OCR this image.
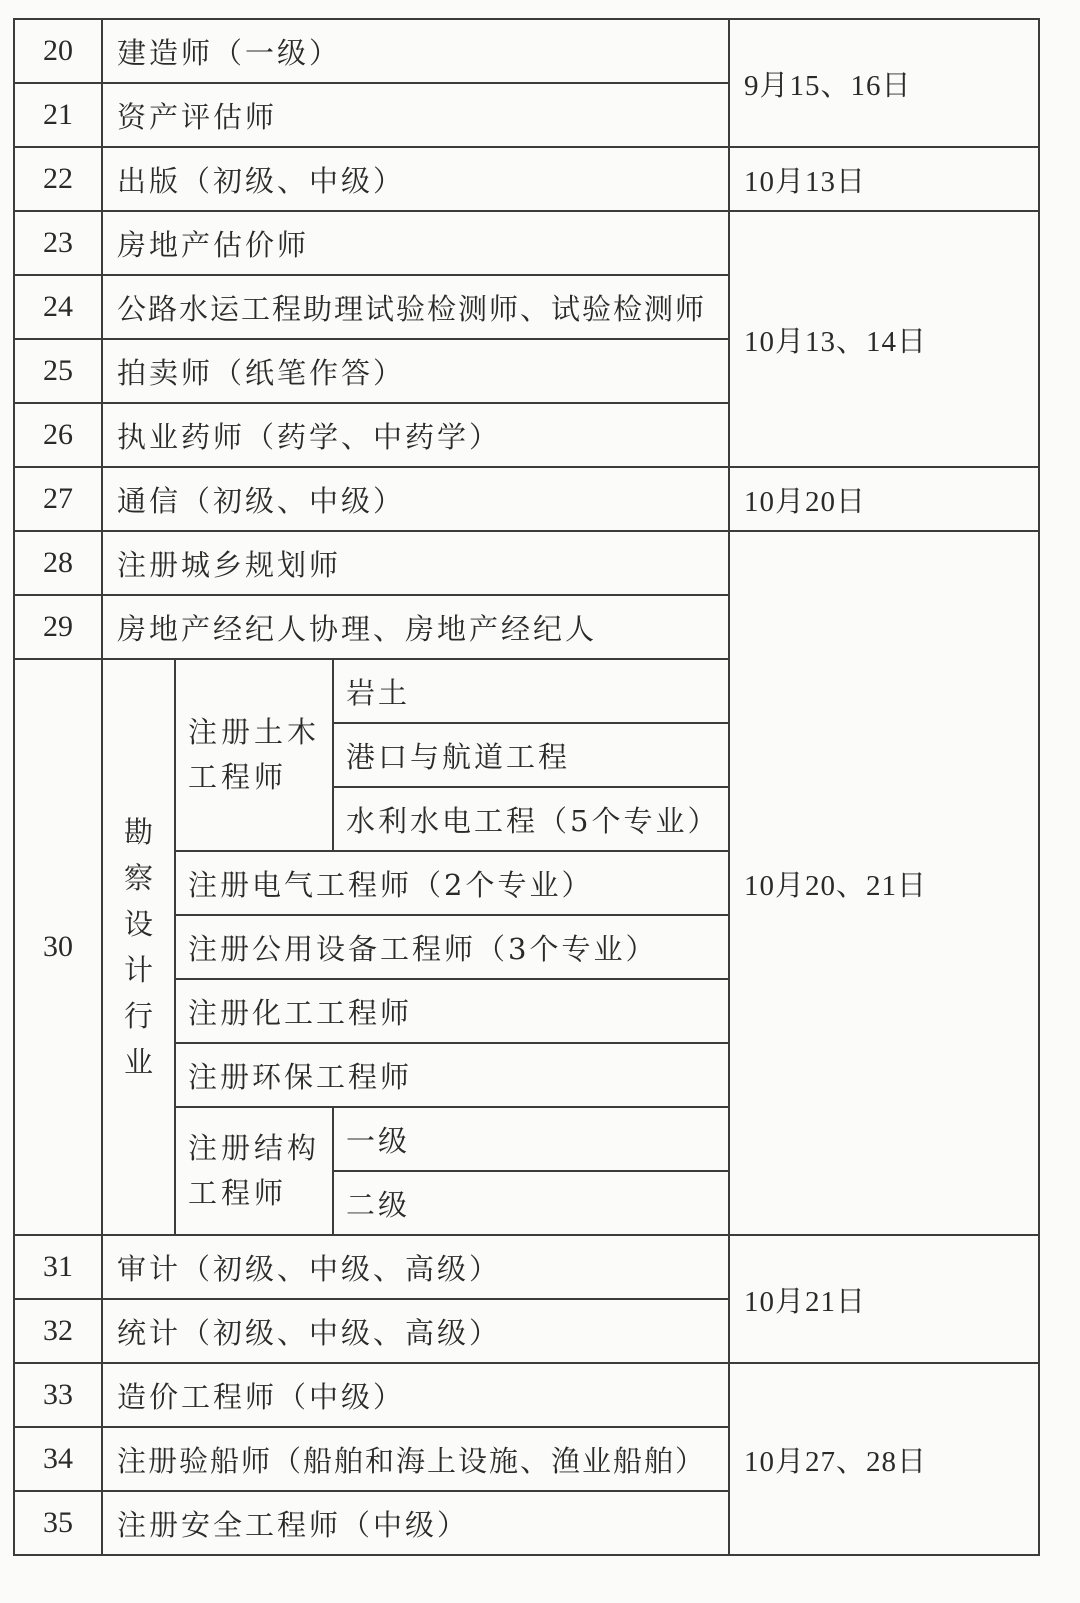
20	建造师（一级）			9月15、16日	
21	资产评估师				
22	出版（初级、中级）			10月13日	
23	房地产估价师			10月13、14日	
24	公路水运工程助理试验检测师、试验检测师				
25	拍卖师（纸笔作答）				
26	执业药师（药学、中药学）				
27	通信（初级、中级）			10月20日	
28	注册城乡规划师			10月20、21日	
29	房地产经纪人协理、房地产经纪人				
30	勘察设计行业	注册土木工程师	岩土		
			港口与航道工程		
			水利水电工程（5个专业）		
		注册电气工程师（2个专业）			
		注册公用设备工程师（3个专业）			
		注册化工工程师			
		注册环保工程师			
		注册结构工程师	一级		
			二级	
31	审计（初级、中级、高级）			10月21日	
32	统计（初级、中级、高级）				
33	造价工程师（中级）			10月27、28日	
34	注册验船师（船舶和海上设施、渔业船舶）				
35	注册安全工程师（中级）				
